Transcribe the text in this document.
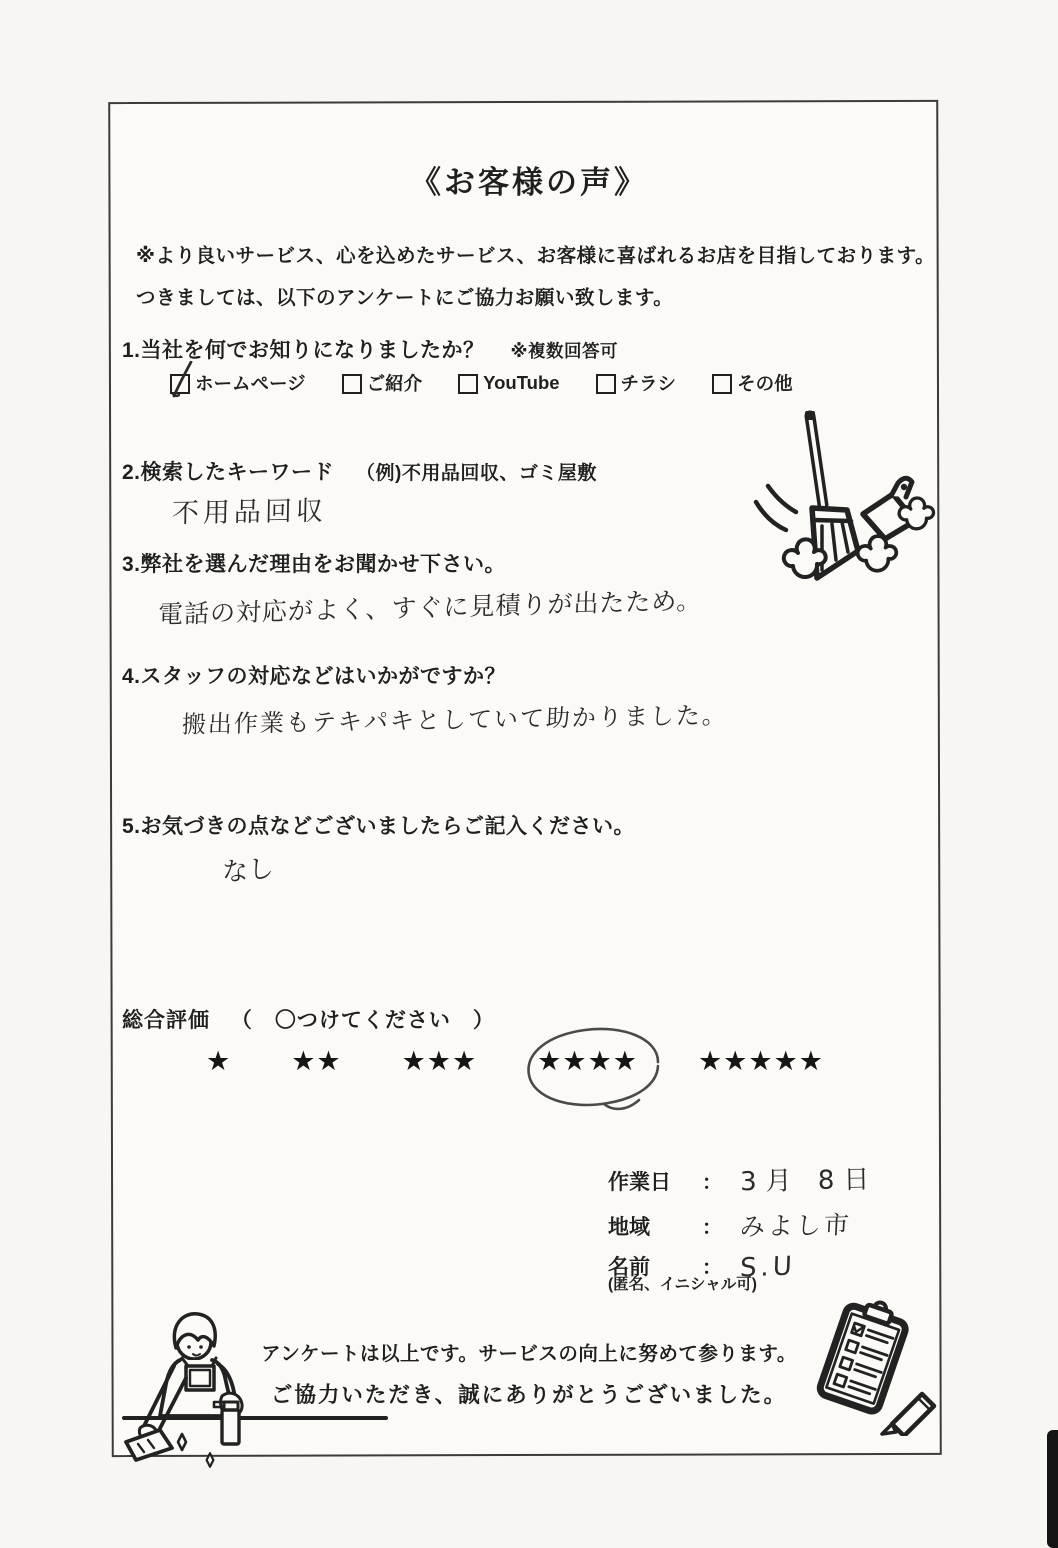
《お客様の声》

※より良いサービス、心を込めたサービス、お客様に喜ばれるお店を目指しております。

つきましては、以下のアンケートにご協力お願い致します。

1.当社を何でお知りになりましたか？ ※複数回答可
ホームページ	ご紹介	YouTube	チラシ	その他
2.検索したキーワード （例)不用品回収、ゴミ屋敷
不用品回収
3.弊社を選んだ理由をお聞かせ下さい。
電話の対応がよく、すぐに見積りが出たため。
4.スタッフの対応などはいかがですか？
搬出作業もテキパキとしていて助かりました。
5.お気づきの点などございましたらご記入ください。
なし
総合評価 （　〇つけてください　）
★ ★★ ★★★ ★★★★ ★★★★★
作業日	： 3月 8日
地域	： みよし市
名前	： S.U
(匿名、イニシャル可)

アンケートは以上です。サービスの向上に努めて参ります。

ご協力いただき、誠にありがとうございました。
